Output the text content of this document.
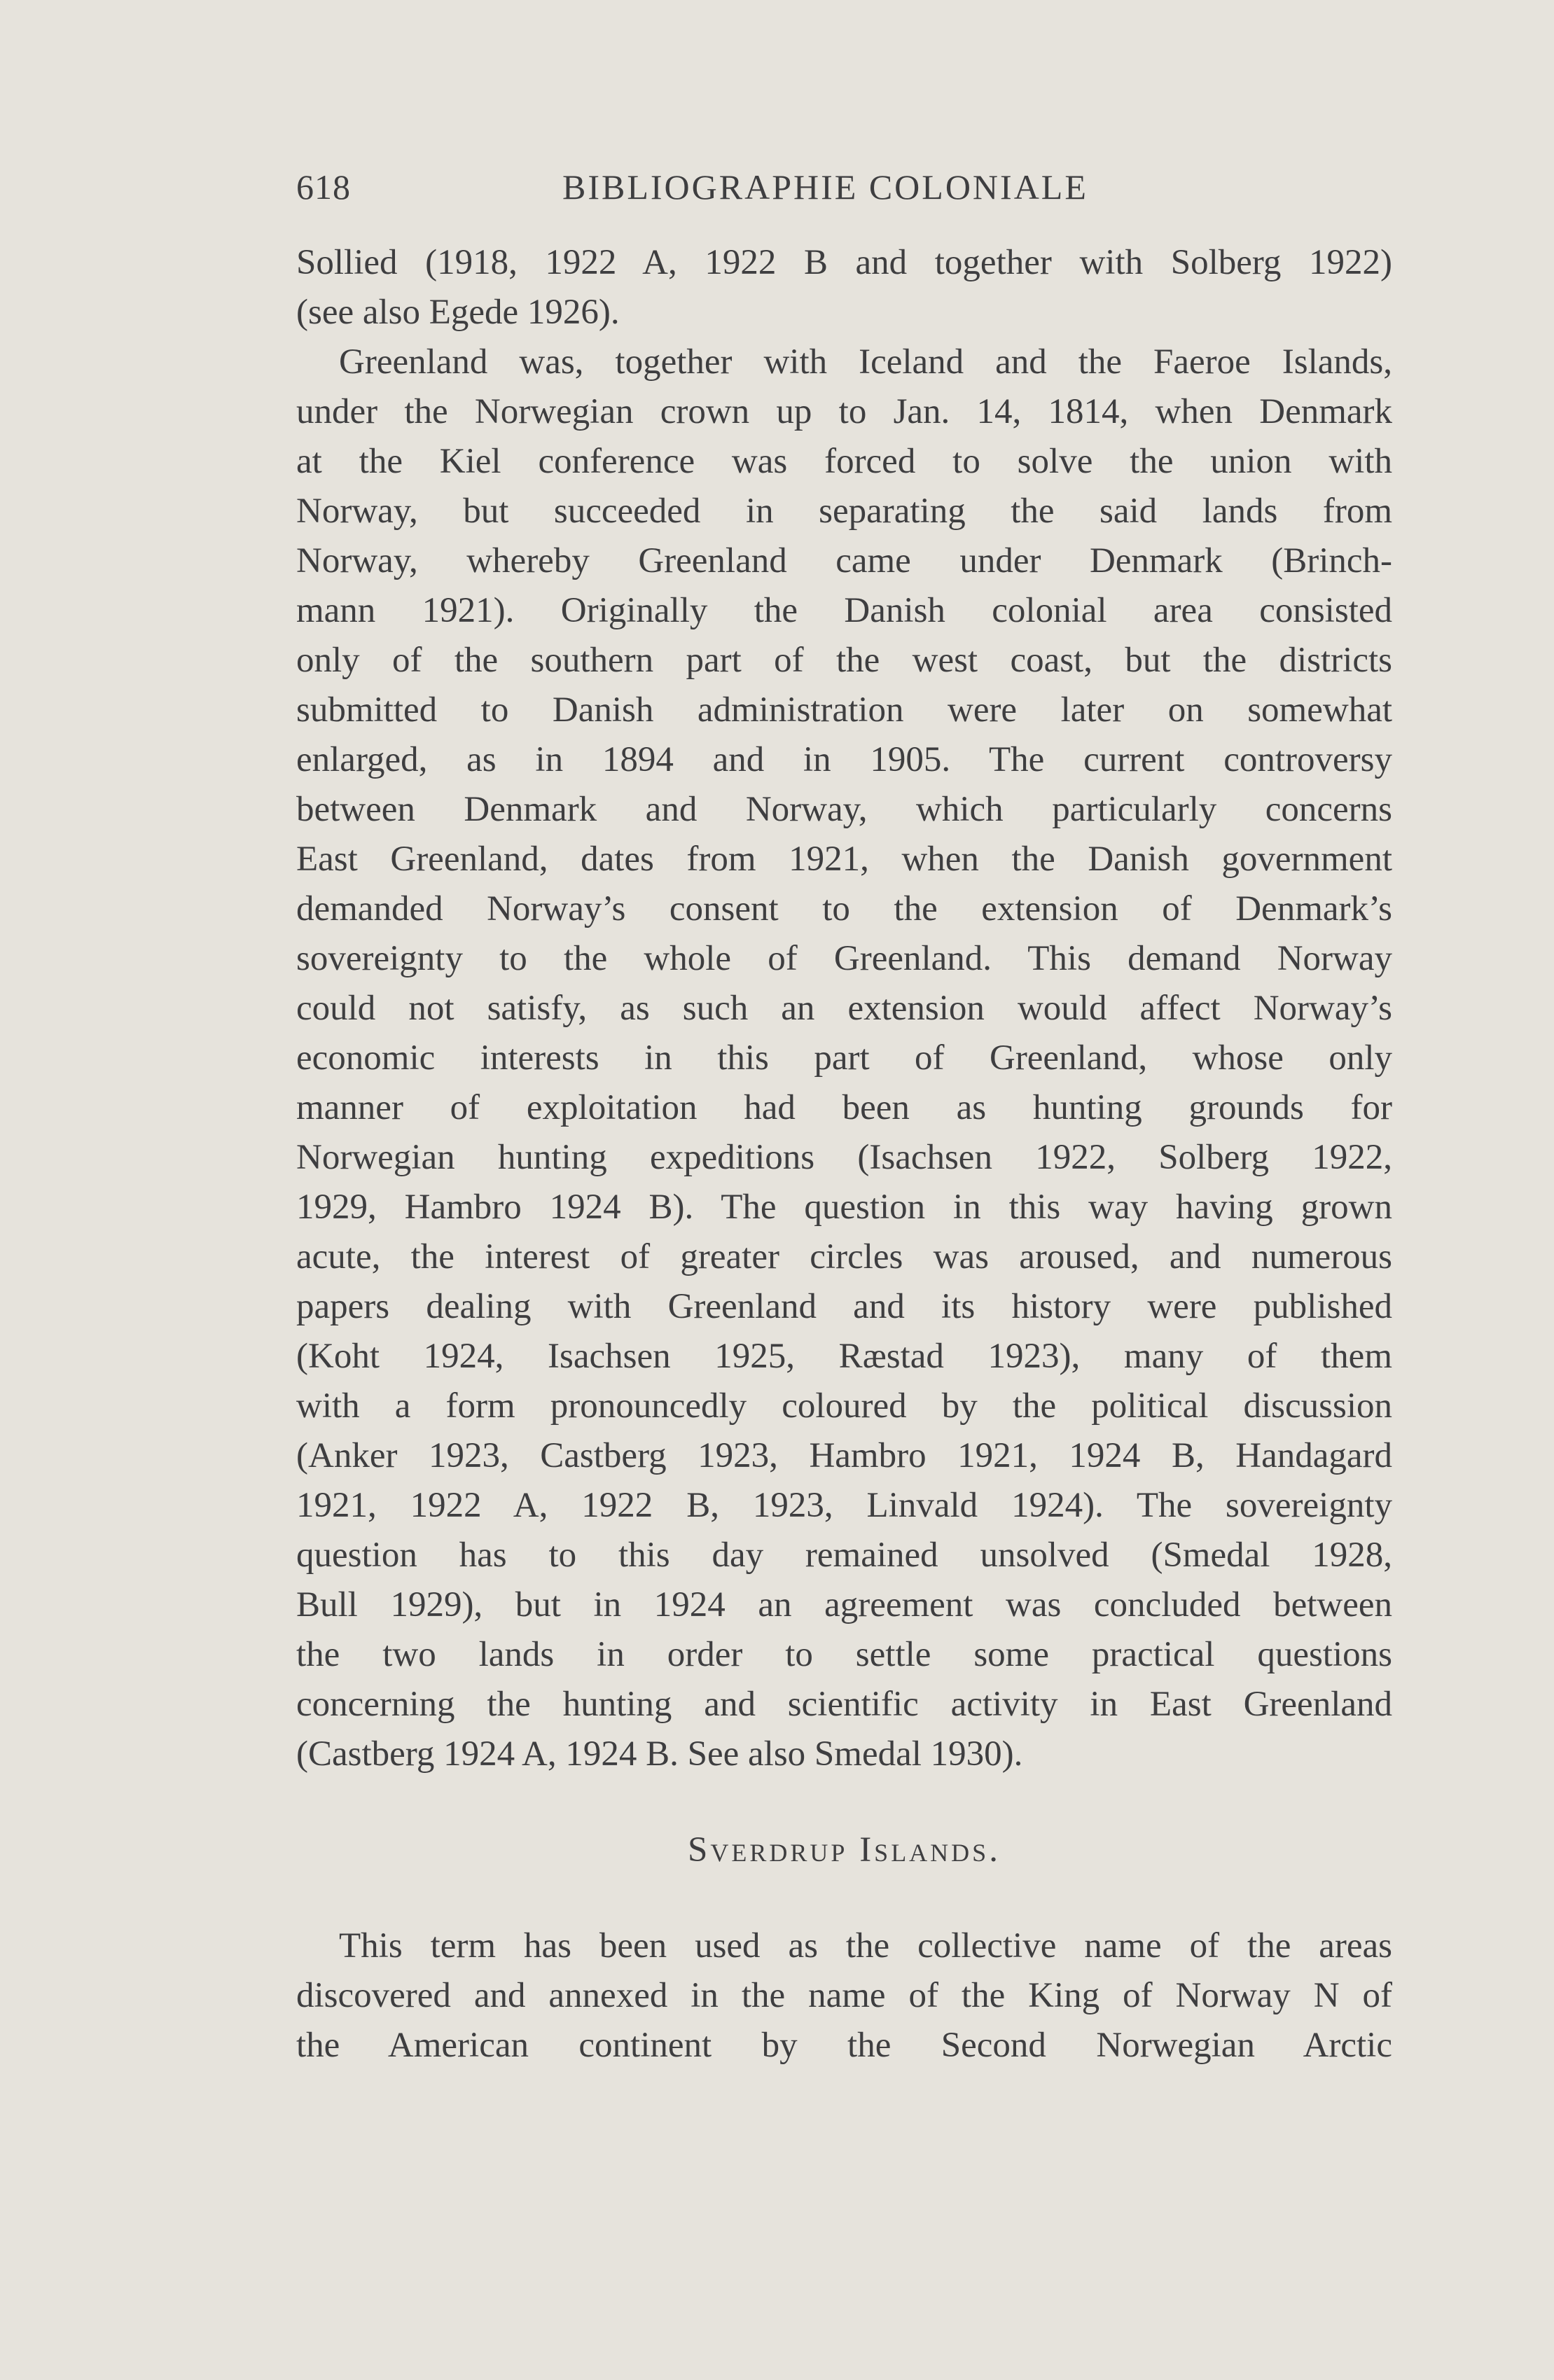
618	BIBLIOGRAPHIE COLONIALE
Sollied (1918, 1922 A, 1922 B and together with Solberg 1922)
(see also Egede 1926).
Greenland was, together with Iceland and the Faeroe Islands,
under the Norwegian crown up to Jan. 14, 1814, when Denmark
at the Kiel conference was forced to solve the union with
Norway, but succeeded in separating the said lands from
Norway, whereby Greenland came under Denmark (Brinch-
mann 1921). Originally the Danish colonial area consisted
only of the southern part of the west coast, but the districts
submitted to Danish administration were later on somewhat
enlarged, as in 1894 and in 1905. The current controversy
between Denmark and Norway, which particularly concerns
East Greenland, dates from 1921, when the Danish government
demanded Norway’s consent to the extension of Denmark’s
sovereignty to the whole of Greenland. This demand Norway
could not satisfy, as such an extension would affect Norway’s
economic interests in this part of Greenland, whose only
manner of exploitation had been as hunting grounds for
Norwegian hunting expeditions (Isachsen 1922, Solberg 1922,
1929, Hambro 1924 B). The question in this way having grown
acute, the interest of greater circles was aroused, and numerous
papers dealing with Greenland and its history were published
(Koht 1924, Isachsen 1925, Ræstad 1923), many of them
with a form pronouncedly coloured by the political discussion
(Anker 1923, Castberg 1923, Hambro 1921, 1924 B, Handagard
1921, 1922 A, 1922 B, 1923, Linvald 1924). The sovereignty
question has to this day remained unsolved (Smedal 1928,
Bull 1929), but in 1924 an agreement was concluded between
the two lands in order to settle some practical questions
concerning the hunting and scientific activity in East Greenland
(Castberg 1924 A, 1924 B. See also Smedal 1930).
Sverdrup Islands.
This term has been used as the collective name of the areas
discovered and annexed in the name of the King of Norway N of
the American continent by the Second Norwegian Arctic
